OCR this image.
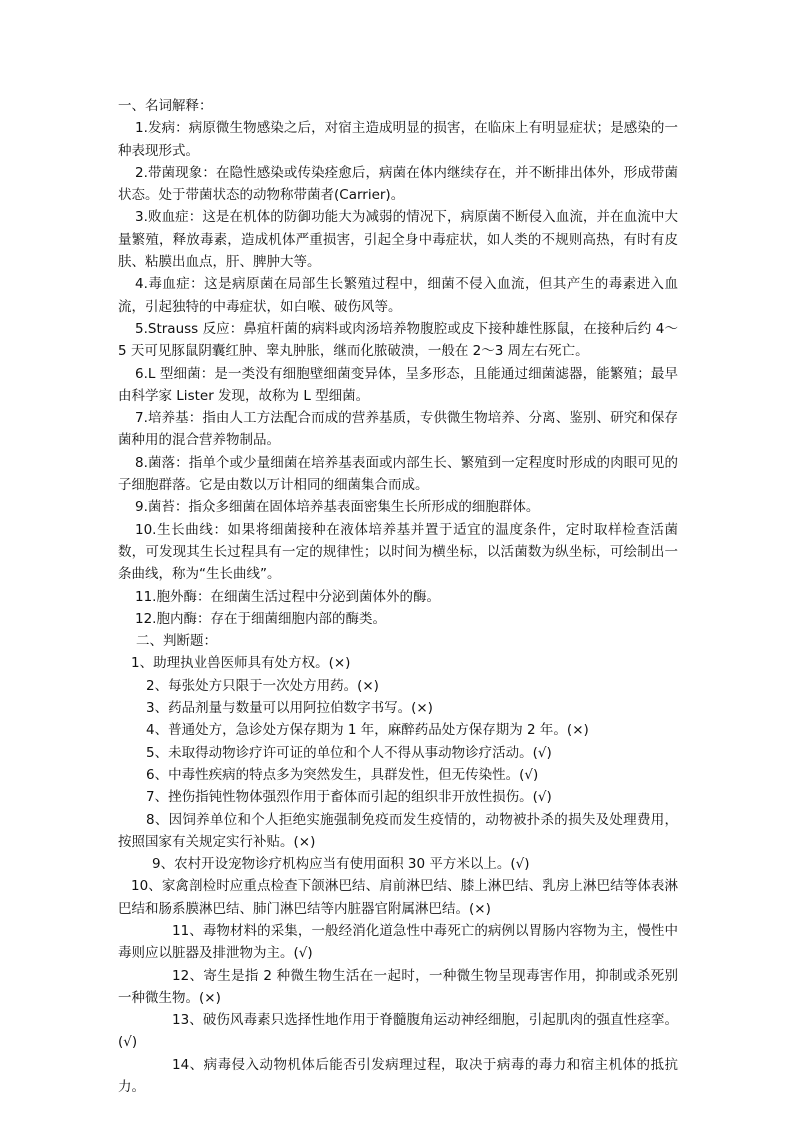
一、名词解释：

1.发病：病原微生物感染之后，对宿主造成明显的损害，在临床上有明显症状；是感染的一种表现形式。

2.带菌现象：在隐性感染或传染痊愈后，病菌在体内继续存在，并不断排出体外，形成带菌状态。处于带菌状态的动物称带菌者(Carrier)。

3.败血症：这是在机体的防御功能大为减弱的情况下，病原菌不断侵入血流，并在血流中大量繁殖，释放毒素，造成机体严重损害，引起全身中毒症状，如人类的不规则高热，有时有皮肤、粘膜出血点，肝、脾肿大等。

4.毒血症：这是病原菌在局部生长繁殖过程中，细菌不侵入血流，但其产生的毒素进入血流，引起独特的中毒症状，如白喉、破伤风等。

5.Strauss 反应：鼻疽杆菌的病料或肉汤培养物腹腔或皮下接种雄性豚鼠，在接种后约 4～5 天可见豚鼠阴囊红肿、睾丸肿胀，继而化脓破溃，一般在 2～3 周左右死亡。

6.L 型细菌：是一类没有细胞壁细菌变异体，呈多形态，且能通过细菌滤器，能繁殖；最早由科学家 Lister 发现，故称为 L 型细菌。

7.培养基：指由人工方法配合而成的营养基质，专供微生物培养、分离、鉴别、研究和保存菌种用的混合营养物制品。

8.菌落：指单个或少量细菌在培养基表面或内部生长、繁殖到一定程度时形成的肉眼可见的子细胞群落。它是由数以万计相同的细菌集合而成。

9.菌苔：指众多细菌在固体培养基表面密集生长所形成的细胞群体。

10.生长曲线：如果将细菌接种在液体培养基并置于适宜的温度条件，定时取样检查活菌数，可发现其生长过程具有一定的规律性；以时间为横坐标，以活菌数为纵坐标，可绘制出一条曲线，称为“生长曲线”。

11.胞外酶：在细菌生活过程中分泌到菌体外的酶。

12.胞内酶：存在于细菌细胞内部的酶类。

二、判断题：

1、助理执业兽医师具有处方权。(×)

2、每张处方只限于一次处方用药。(×)

3、药品剂量与数量可以用阿拉伯数字书写。(×)

4、普通处方，急诊处方保存期为 1 年，麻醉药品处方保存期为 2 年。(×)

5、未取得动物诊疗许可证的单位和个人不得从事动物诊疗活动。(√)

6、中毒性疾病的特点多为突然发生，具群发性，但无传染性。(√)

7、挫伤指钝性物体强烈作用于畜体而引起的组织非开放性损伤。(√)

8、因饲养单位和个人拒绝实施强制免疫而发生疫情的，动物被扑杀的损失及处理费用，按照国家有关规定实行补贴。(×)

9、农村开设宠物诊疗机构应当有使用面积 30 平方米以上。(√)

10、家禽剖检时应重点检查下颌淋巴结、肩前淋巴结、膝上淋巴结、乳房上淋巴结等体表淋巴结和肠系膜淋巴结、肺门淋巴结等内脏器官附属淋巴结。(×)

11、毒物材料的采集，一般经消化道急性中毒死亡的病例以胃肠内容物为主，慢性中毒则应以脏器及排泄物为主。(√)

12、寄生是指 2 种微生物生活在一起时，一种微生物呈现毒害作用，抑制或杀死别一种微生物。(×)

13、破伤风毒素只选择性地作用于脊髓腹角运动神经细胞，引起肌肉的强直性痉挛。(√)

14、病毒侵入动物机体后能否引发病理过程，取决于病毒的毒力和宿主机体的抵抗力。
